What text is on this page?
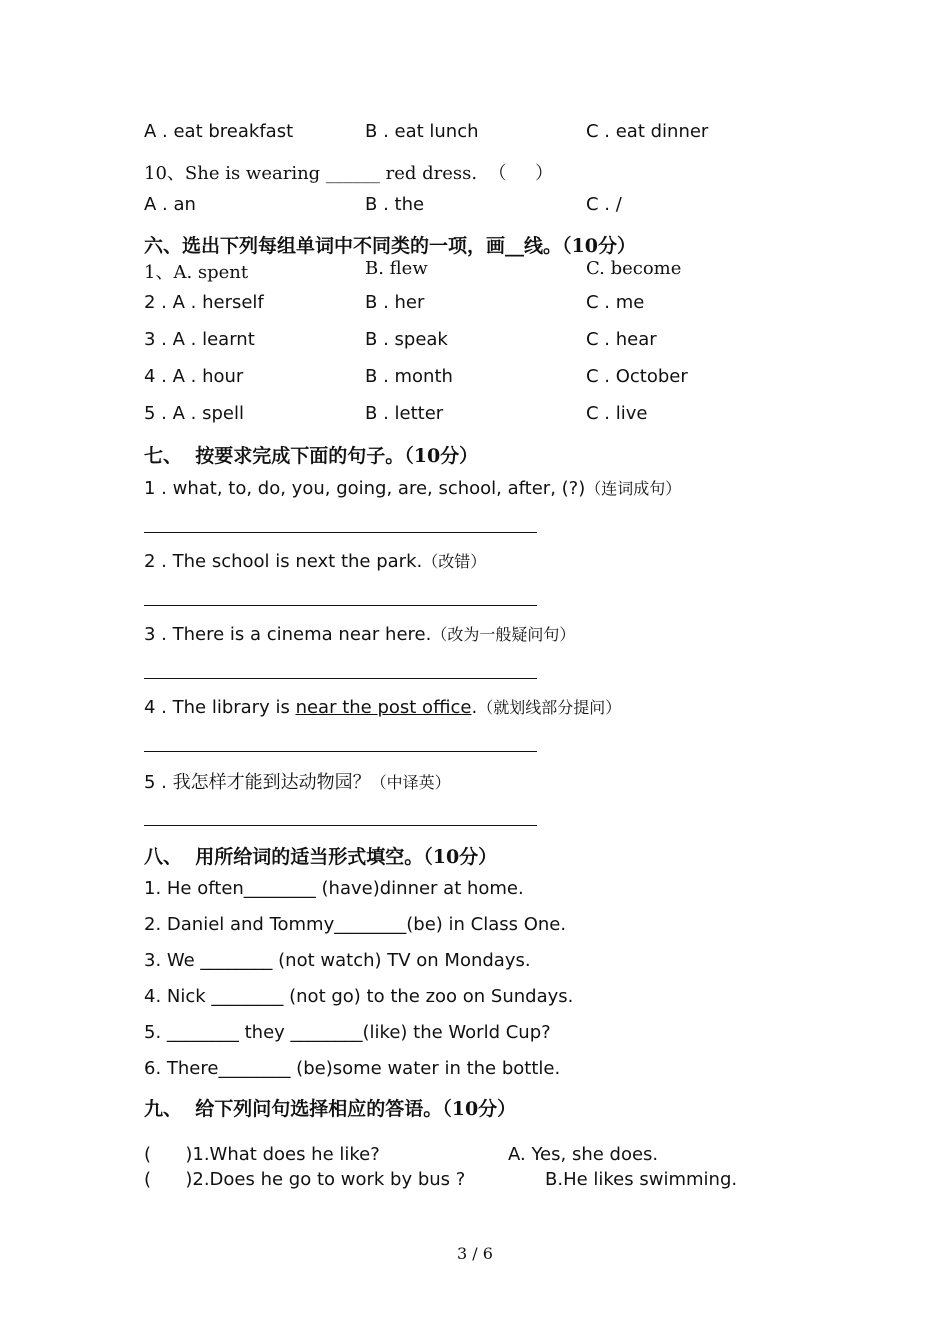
A . eat breakfast	B . eat lunch	C . eat dinner
10、She is wearing ______ red dress.  （     ）
A . an	B . the	C . /
六、选出下列每组单词中不同类的一项，画__线。（10分）
1、A. spent	B. flew	C. become
2 . A . herself	B . her	C . me
3 . A . learnt	B . speak	C . hear
4 . A . hour	B . month	C . October
5 . A . spell	B . letter	C . live
七、  按要求完成下面的句子。（10分）
1 . what, to, do, you, going, are, school, after, (?)（连词成句）
2 . The school is next the park.（改错）
3 . There is a cinema near here.（改为一般疑问句）
4 . The library is near the post office.（就划线部分提问）
5 . 我怎样才能到达动物园？（中译英）
八、  用所给词的适当形式填空。（10分）
1. He often________ (have)dinner at home.
2. Daniel and Tommy________(be) in Class One.
3. We ________ (not watch) TV on Mondays.
4. Nick ________ (not go) to the zoo on Sundays.
5. ________ they ________(like) the World Cup?
6. There________ (be)some water in the bottle.
九、  给下列问句选择相应的答语。（10分）
(      )1.What does he like?	A. Yes, she does.
(      )2.Does he go to work by bus ?	B.He likes swimming.
3 / 6
